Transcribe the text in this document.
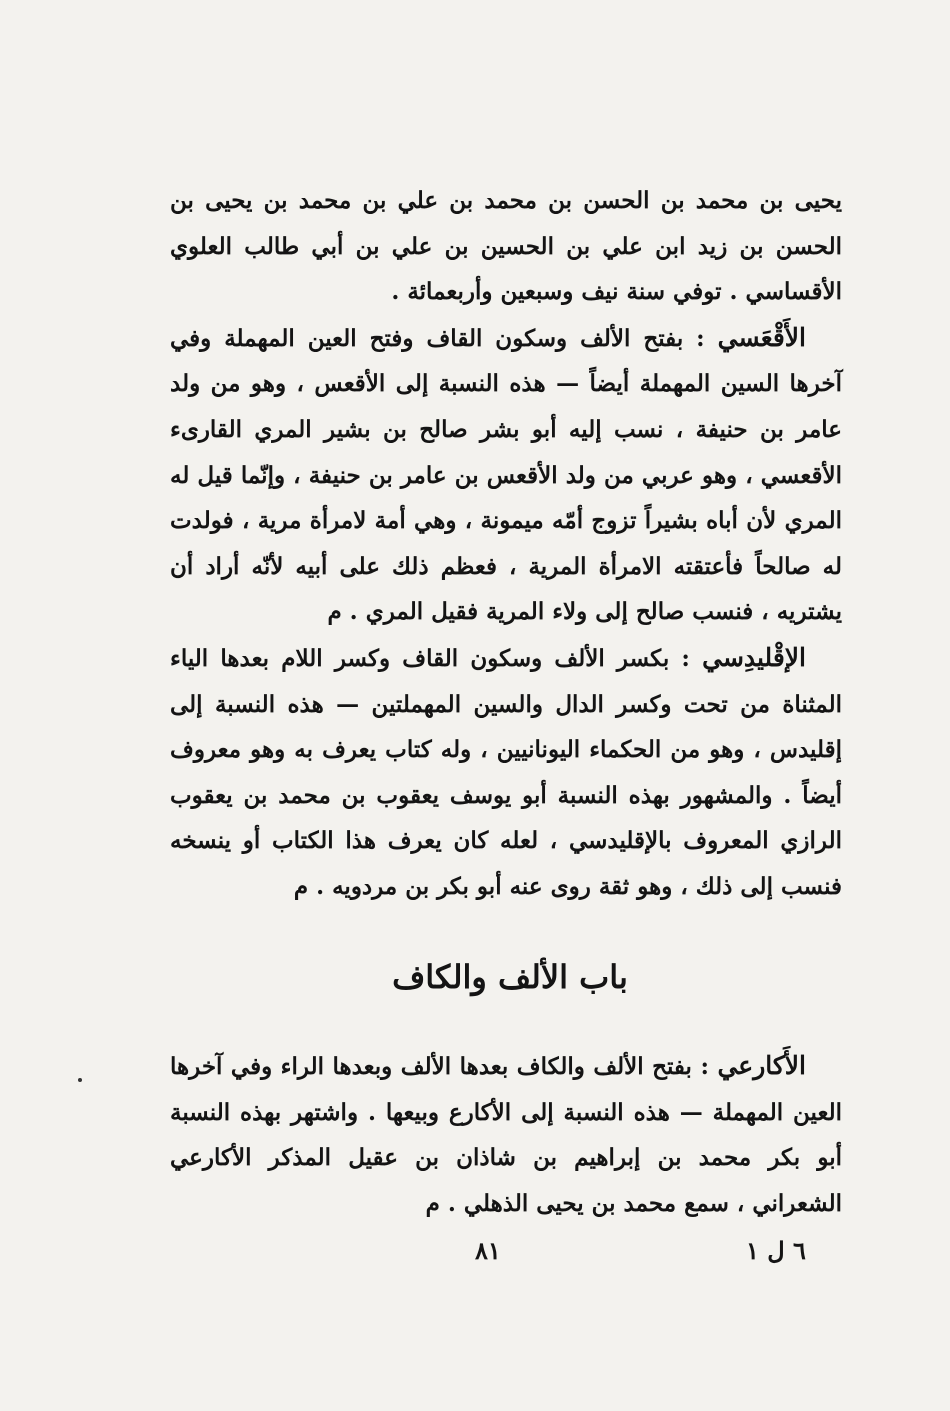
يحيى بن محمد بن الحسن بن محمد بن علي بن محمد بن يحيى بن الحسن بن زيد ابن علي بن الحسين بن علي بن أبي طالب العلوي الأقساسي . توفي سنة نيف وسبعين وأربعمائة .

الأَقْعَسي : بفتح الألف وسكون القاف وفتح العين المهملة وفي آخرها السين المهملة أيضاً — هذه النسبة إلى الأقعس ، وهو من ولد عامر بن حنيفة ، نسب إليه أبو بشر صالح بن بشير المري القارىء الأقعسي ، وهو عربي من ولد الأقعس بن عامر بن حنيفة ، وإنّما قيل له المري لأن أباه بشيراً تزوج أمّه ميمونة ، وهي أمة لامرأة مرية ، فولدت له صالحاً فأعتقته الامرأة المرية ، فعظم ذلك على أبيه لأنّه أراد أن يشتريه ، فنسب صالح إلى ولاء المرية فقيل المري . م

الإقْليدِسي : بكسر الألف وسكون القاف وكسر اللام بعدها الياء المثناة من تحت وكسر الدال والسين المهملتين — هذه النسبة إلى إقليدس ، وهو من الحكماء اليونانيين ، وله كتاب يعرف به وهو معروف أيضاً . والمشهور بهذه النسبة أبو يوسف يعقوب بن محمد بن يعقوب الرازي المعروف بالإقليدسي ، لعله كان يعرف هذا الكتاب أو ينسخه فنسب إلى ذلك ، وهو ثقة روى عنه أبو بكر بن مردويه . م

باب الألف والكاف

الأَكارعي : بفتح الألف والكاف بعدها الألف وبعدها الراء وفي آخرها العين المهملة — هذه النسبة إلى الأكارع وبيعها . واشتهر بهذه النسبة أبو بكر محمد بن إبراهيم بن شاذان بن عقيل المذكر الأكارعي الشعراني ، سمع محمد بن يحيى الذهلي . م

٨١	٦ ل ١
